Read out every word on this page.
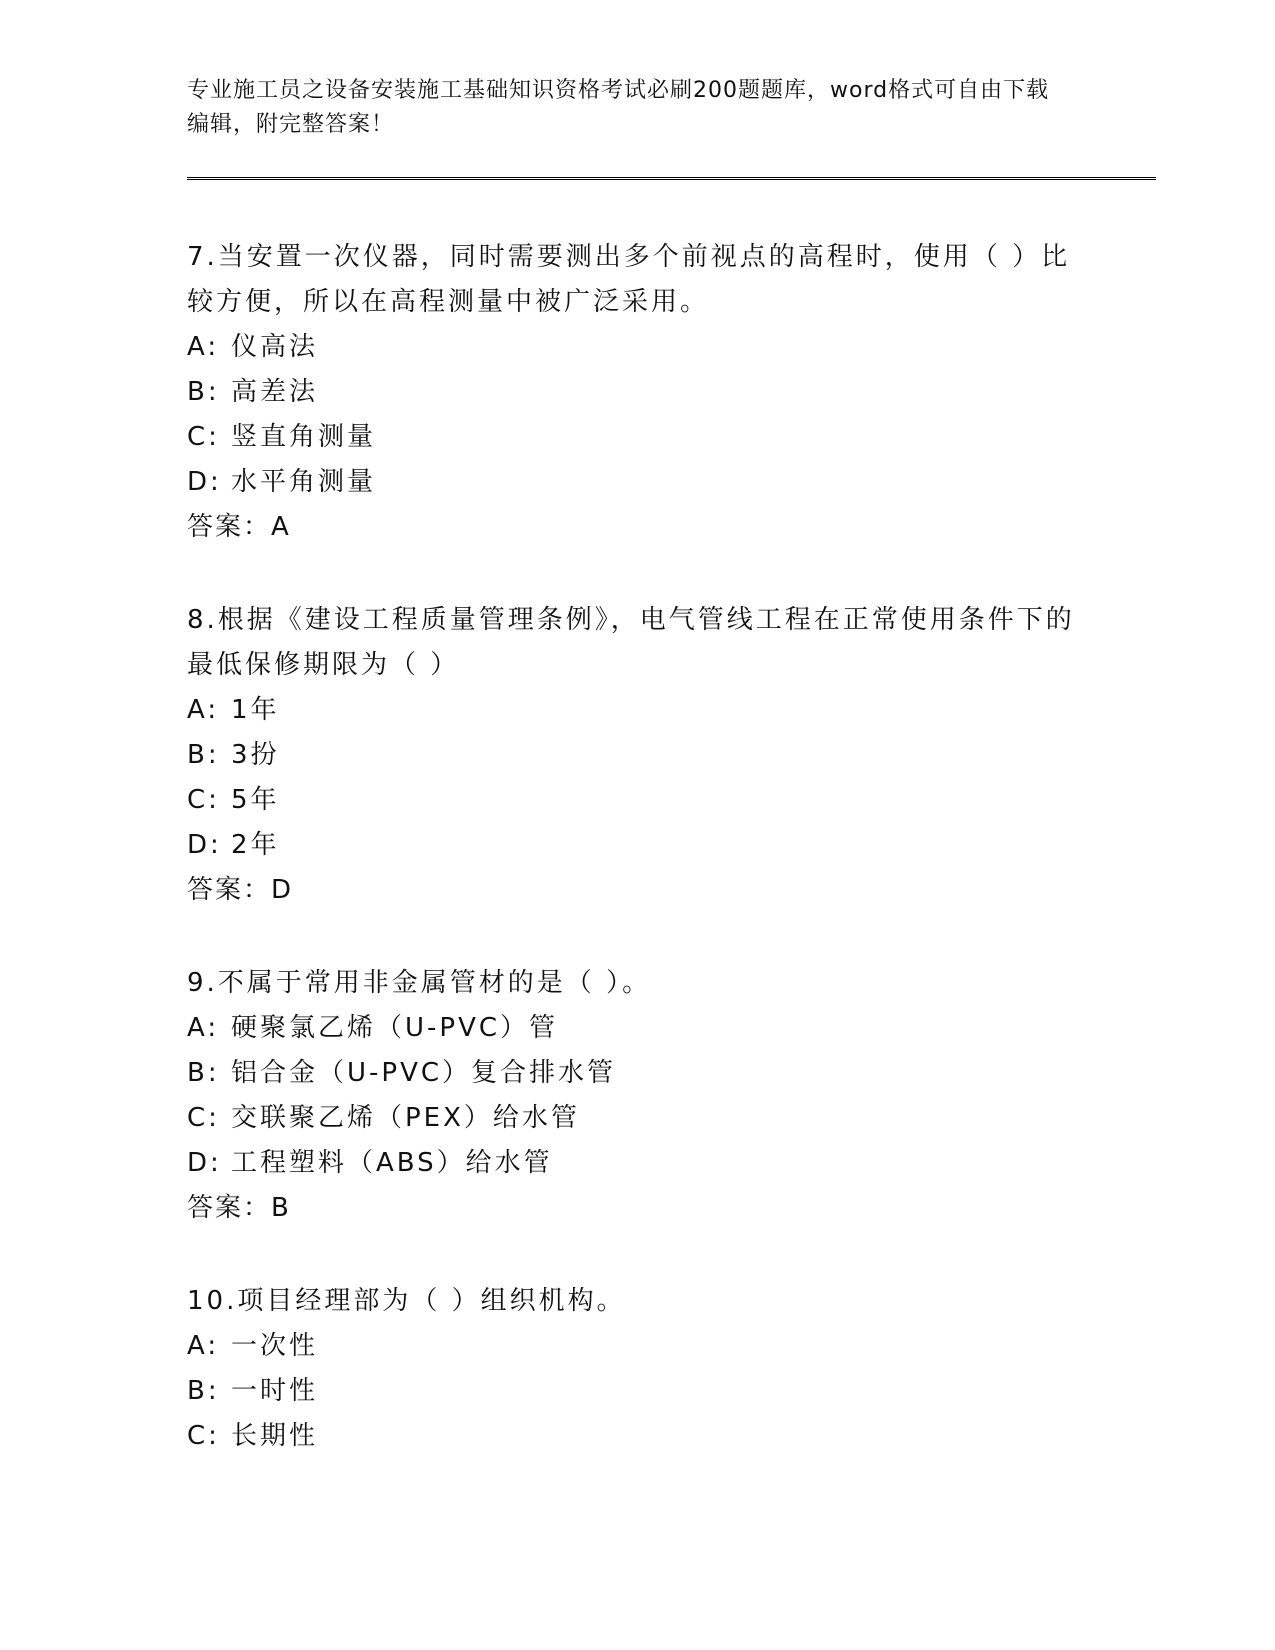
专业施工员之设备安装施工基础知识资格考试必刷200题题库，word格式可自由下载编辑，附完整答案！

7.当安置一次仪器，同时需要测出多个前视点的高程时，使用（ ）比较方便，所以在高程测量中被广泛采用。

A: 仪高法

B: 高差法

C: 竖直角测量

D: 水平角测量

答案：A

8.根据《建设工程质量管理条例》，电气管线工程在正常使用条件下的最低保修期限为（ ）

A: 1年

B: 3扮

C: 5年

D: 2年

答案：D

9.不属于常用非金属管材的是（ ）。

A: 硬聚氯乙烯（U-PVC）管

B: 铝合金（U-PVC）复合排水管

C: 交联聚乙烯（PEX）给水管

D: 工程塑料（ABS）给水管

答案：B

10.项目经理部为（ ）组织机构。

A: 一次性

B: 一时性

C: 长期性
